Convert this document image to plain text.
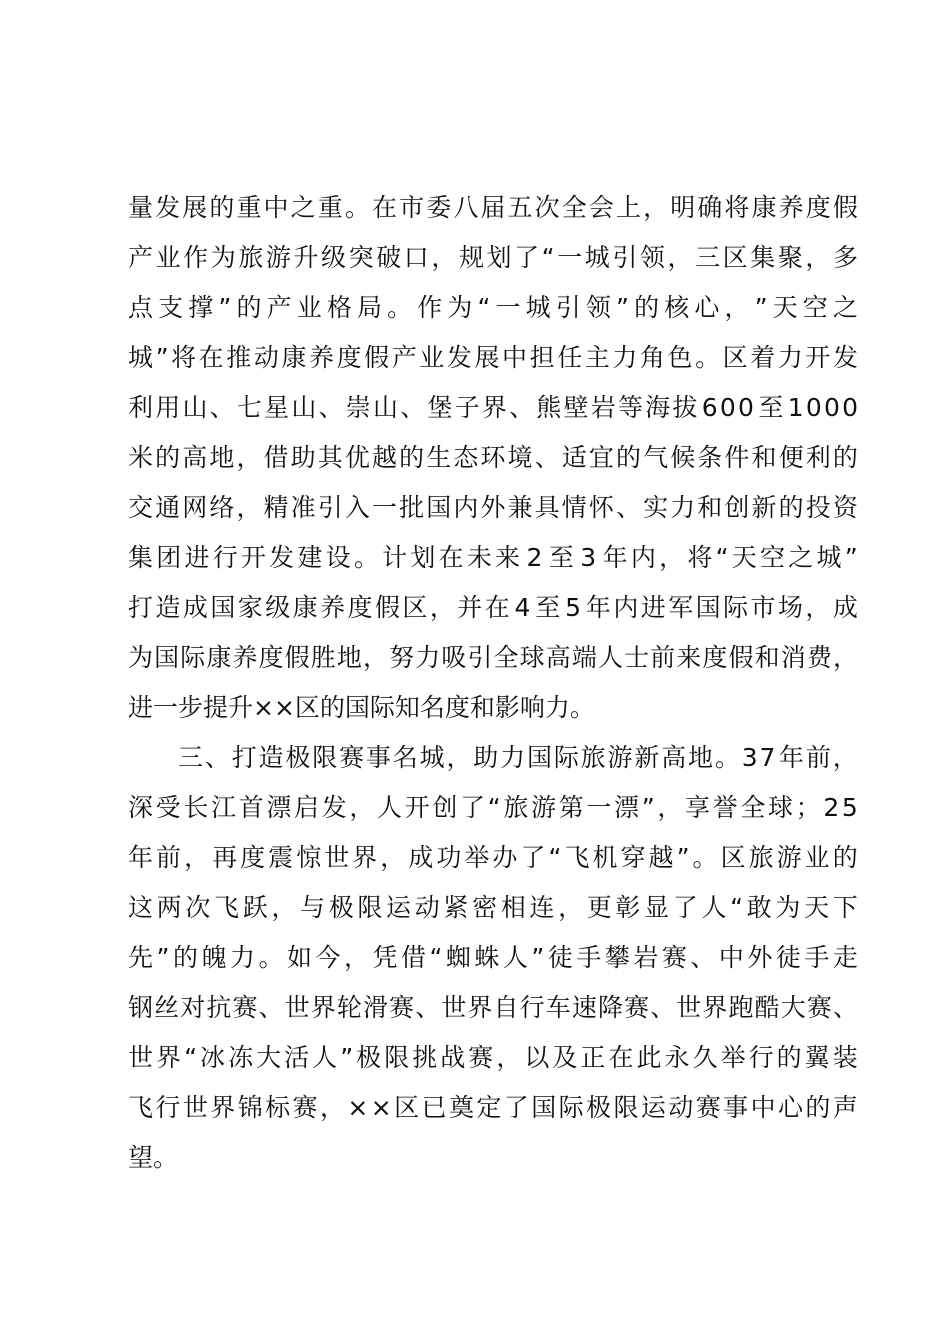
量 发 展 的 重 中 之 重 。 在 市 委 八 届 五 次 全 会 上 ， 明 确 将 康 养 度 假
产 业 作 为 旅 游 升 级 突 破 口 ， 规 划 了 “ 一 城 引 领 ， 三 区 集 聚 ， 多
点 支 撑 ” 的 产 业 格 局 。 作 为 “ 一 城 引 领 ” 的 核 心 ， ” 天 空 之
城 ” 将 在 推 动 康 养 度 假 产 业 发 展 中 担 任 主 力 角 色 。 区 着 力 开 发
利 用 山 、 七 星 山 、 崇 山 、 堡 子 界 、 熊 壁 岩 等 海 拔 6 0 0 至 1 0 0 0
米 的 高 地 ， 借 助 其 优 越 的 生 态 环 境 、 适 宜 的 气 候 条 件 和 便 利 的
交 通 网 络 ， 精 准 引 入 一 批 国 内 外 兼 具 情 怀 、 实 力 和 创 新 的 投 资
集 团 进 行 开 发 建 设 。 计 划 在 未 来 2 至 3 年 内 ， 将 “ 天 空 之 城 ”
打 造 成 国 家 级 康 养 度 假 区 ， 并 在 4 至 5 年 内 进 军 国 际 市 场 ， 成
为 国 际 康 养 度 假 胜 地 ， 努 力 吸 引 全 球 高 端 人 士 前 来 度 假 和 消 费 ，
进一步提升××区的国际知名度和影响力。
三 、 打 造 极 限 赛 事 名 城 ， 助 力 国 际 旅 游 新 高 地 。 3 7 年 前 ，
深 受 长 江 首 漂 启 发 ， 人 开 创 了 “ 旅 游 第 一 漂 ” ， 享 誉 全 球 ； 2 5
年 前 ， 再 度 震 惊 世 界 ， 成 功 举 办 了 “ 飞 机 穿 越 ” 。 区 旅 游 业 的
这 两 次 飞 跃 ， 与 极 限 运 动 紧 密 相 连 ， 更 彰 显 了 人 “ 敢 为 天 下
先 ” 的 魄 力 。 如 今 ， 凭 借 “ 蜘 蛛 人 ” 徒 手 攀 岩 赛 、 中 外 徒 手 走
钢 丝 对 抗 赛 、 世 界 轮 滑 赛 、 世 界 自 行 车 速 降 赛 、 世 界 跑 酷 大 赛 、
世 界 “ 冰 冻 大 活 人 ” 极 限 挑 战 赛 ， 以 及 正 在 此 永 久 举 行 的 翼 装
飞 行 世 界 锦 标 赛 ， × × 区 已 奠 定 了 国 际 极 限 运 动 赛 事 中 心 的 声
望。
